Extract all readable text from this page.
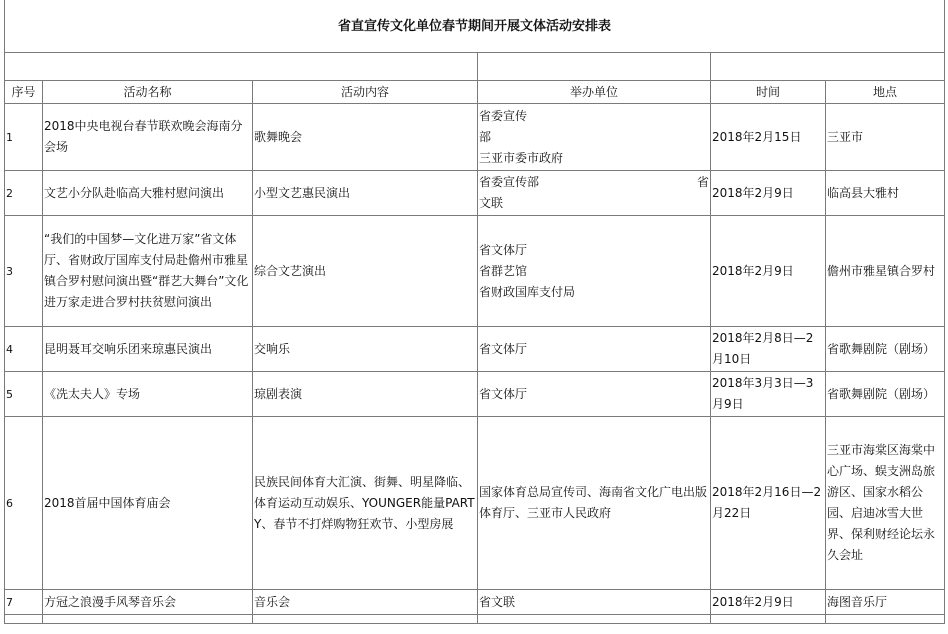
省直宣传文化单位春节期间开展文体活动安排表					

序号	活动名称	活动内容	举办单位	时间	地点
1	2018中央电视台春节联欢晚会海南分会场	歌舞晚会	省委宣传
部
三亚市委市政府	2018年2月15日	三亚市
2	文艺小分队赴临高大雅村慰问演出	小型文艺惠民演出	省委宣传部 省
文联	2018年2月9日	临高县大雅村
3	“我们的中国梦—文化进万家”省文体厅、省财政厅国库支付局赴儋州市雅星镇合罗村慰问演出暨“群艺大舞台”文化进万家走进合罗村扶贫慰问演出	综合文艺演出	省文体厅
省群艺馆
省财政国库支付局	2018年2月9日	儋州市雅星镇合罗村
4	昆明聂耳交响乐团来琼惠民演出	交响乐	省文体厅	2018年2月8日—2月10日	省歌舞剧院（剧场）
5	《冼太夫人》专场	琼剧表演	省文体厅	2018年3月3日—3月9日	省歌舞剧院（剧场）
6	2018首届中国体育庙会	民族民间体育大汇演、街舞、明星降临、体育运动互动娱乐、YOUNGER能量PARTY、春节不打烊购物狂欢节、小型房展	国家体育总局宣传司、海南省文化广电出版体育厅、三亚市人民政府	2018年2月16日—2月22日	三亚市海棠区海棠中心广场、蜈支洲岛旅游区、国家水稻公园、启迪冰雪大世界、保利财经论坛永久会址
7	方冠之浪漫手风琴音乐会	音乐会	省文联	2018年2月9日	海图音乐厅
